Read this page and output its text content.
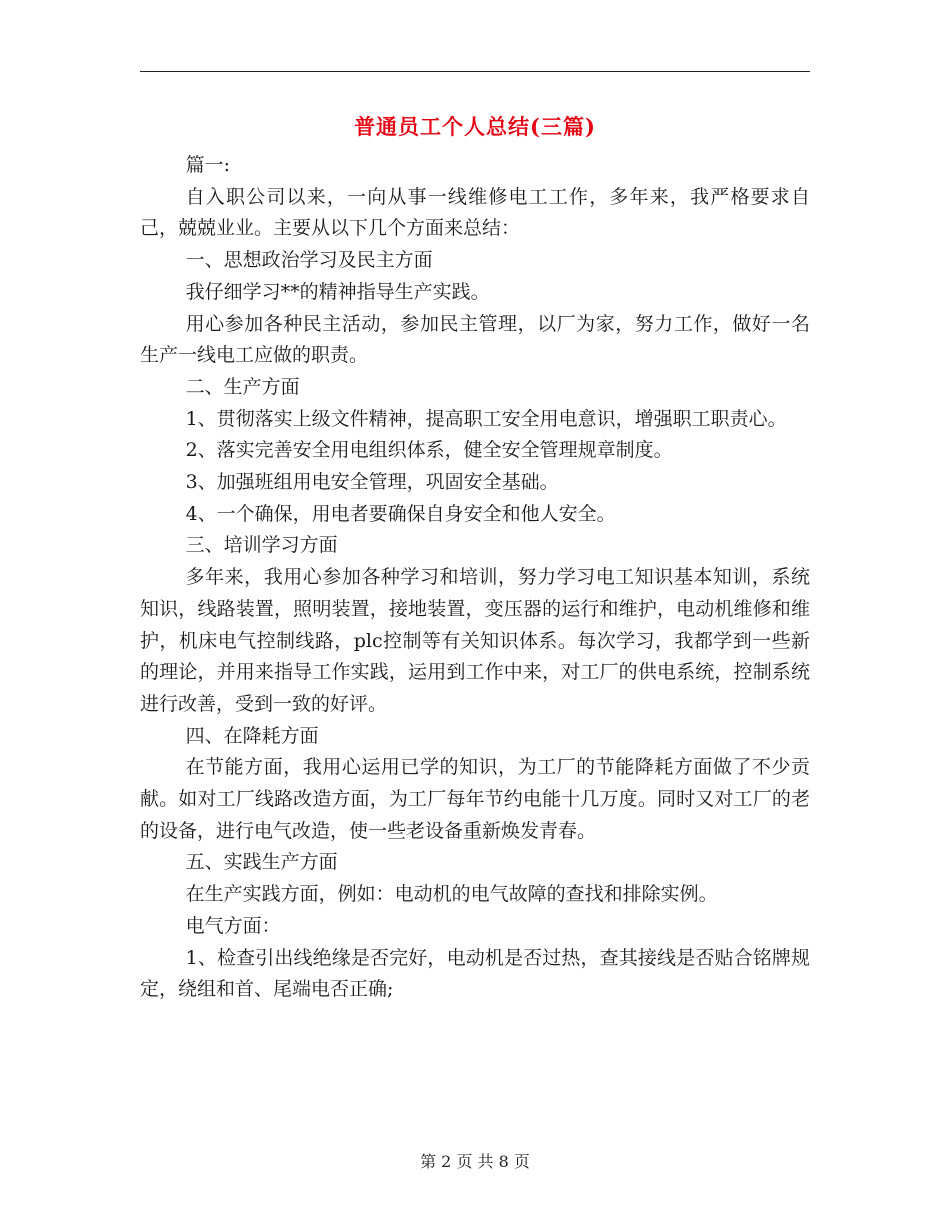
普通员工个人总结(三篇)

篇一:

自入职公司以来，一向从事一线维修电工工作，多年来，我严格要求自己，兢兢业业。主要从以下几个方面来总结：

一、思想政治学习及民主方面

我仔细学习**的精神指导生产实践。

用心参加各种民主活动，参加民主管理，以厂为家，努力工作，做好一名生产一线电工应做的职责。

二、生产方面

1、贯彻落实上级文件精神，提高职工安全用电意识，增强职工职责心。

2、落实完善安全用电组织体系，健全安全管理规章制度。

3、加强班组用电安全管理，巩固安全基础。

4、一个确保，用电者要确保自身安全和他人安全。

三、培训学习方面

多年来，我用心参加各种学习和培训，努力学习电工知识基本知训，系统知识，线路装置，照明装置，接地装置，变压器的运行和维护，电动机维修和维护，机床电气控制线路，plc控制等有关知识体系。每次学习，我都学到一些新的理论，并用来指导工作实践，运用到工作中来，对工厂的供电系统，控制系统进行改善，受到一致的好评。

四、在降耗方面

在节能方面，我用心运用已学的知识，为工厂的节能降耗方面做了不少贡献。如对工厂线路改造方面，为工厂每年节约电能十几万度。同时又对工厂的老的设备，进行电气改造，使一些老设备重新焕发青春。

五、实践生产方面

在生产实践方面，例如：电动机的电气故障的查找和排除实例。

电气方面：

1、检查引出线绝缘是否完好，电动机是否过热，查其接线是否贴合铭牌规定，绕组和首、尾端电否正确;

第 2 页 共 8 页
